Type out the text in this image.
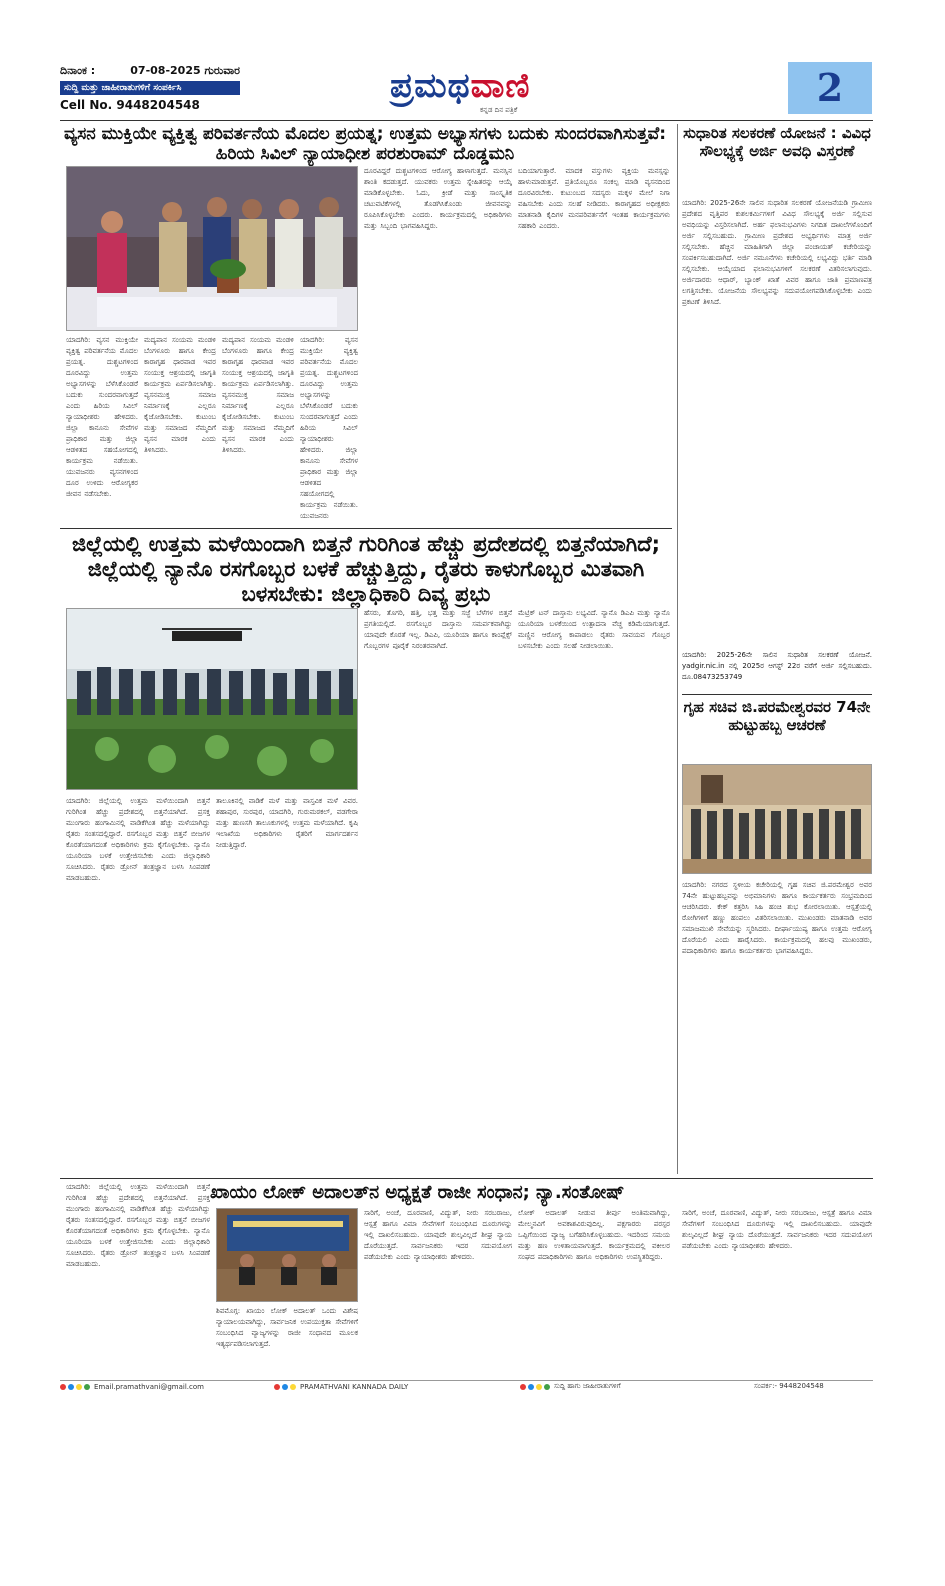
ದಿನಾಂಕ :	07-08-2025 ಗುರುವಾರ
ಸುದ್ದಿ ಮತ್ತು ಜಾಹೀರಾತುಗಳಿಗೆ ಸಂಪರ್ಕಿಸಿ
Cell No. 9448204548	ಪ್ರಮಥವಾಣಿ
ಕನ್ನಡ ದಿನ ಪತ್ರಿಕೆ	2
ವ್ಯಸನ ಮುಕ್ತಿಯೇ ವ್ಯಕ್ತಿತ್ವ ಪರಿವರ್ತನೆಯ ಮೊದಲ ಪ್ರಯತ್ನ; ಉತ್ತಮ ಅಭ್ಯಾಸಗಳು ಬದುಕು ಸುಂದರವಾಗಿಸುತ್ತವೆ: ಹಿರಿಯ ಸಿವಿಲ್ ನ್ಯಾಯಾಧೀಶ ಪರಶುರಾಮ್ ದೊಡ್ಡಮನಿ
ಯಾದಗಿರಿ: ವ್ಯಸನ ಮುಕ್ತಿಯೇ ವ್ಯಕ್ತಿತ್ವ ಪರಿವರ್ತನೆಯ ಮೊದಲ ಪ್ರಯತ್ನ. ದುಶ್ಚಟಗಳಿಂದ ದೂರವಿದ್ದು ಉತ್ತಮ ಅಭ್ಯಾಸಗಳನ್ನು ಬೆಳೆಸಿಕೊಂಡರೆ ಬದುಕು ಸುಂದರವಾಗುತ್ತದೆ ಎಂದು ಹಿರಿಯ ಸಿವಿಲ್ ನ್ಯಾಯಾಧೀಶರು ಹೇಳಿದರು. ಜಿಲ್ಲಾ ಕಾನೂನು ಸೇವೆಗಳ ಪ್ರಾಧಿಕಾರ ಮತ್ತು ಜಿಲ್ಲಾ ಆಡಳಿತದ ಸಹಯೋಗದಲ್ಲಿ ಕಾರ್ಯಕ್ರಮ ನಡೆಯಿತು. ಯುವಜನರು ವ್ಯಸನಗಳಿಂದ ದೂರ ಉಳಿದು ಆರೋಗ್ಯಕರ ಜೀವನ ನಡೆಸಬೇಕು.
ಮದ್ಯಪಾನ ಸಂಯಮ ಮಂಡಳಿ ಬೆಂಗಳೂರು ಹಾಗೂ ಕೇಂದ್ರ ಕಾರಾಗೃಹ ಧಾರವಾಡ ಇವರ ಸಂಯುಕ್ತ ಆಶ್ರಯದಲ್ಲಿ ಜಾಗೃತಿ ಕಾರ್ಯಕ್ರಮ ಏರ್ಪಡಿಸಲಾಗಿತ್ತು. ವ್ಯಸನಮುಕ್ತ ಸಮಾಜ ನಿರ್ಮಾಣಕ್ಕೆ ಎಲ್ಲರೂ ಕೈಜೋಡಿಸಬೇಕು. ಕುಟುಂಬ ಮತ್ತು ಸಮಾಜದ ನೆಮ್ಮದಿಗೆ ವ್ಯಸನ ಮಾರಕ ಎಂದು ತಿಳಿಸಿದರು.
ಮದ್ಯಪಾನ ಸಂಯಮ ಮಂಡಳಿ ಬೆಂಗಳೂರು ಹಾಗೂ ಕೇಂದ್ರ ಕಾರಾಗೃಹ ಧಾರವಾಡ ಇವರ ಸಂಯುಕ್ತ ಆಶ್ರಯದಲ್ಲಿ ಜಾಗೃತಿ ಕಾರ್ಯಕ್ರಮ ಏರ್ಪಡಿಸಲಾಗಿತ್ತು. ವ್ಯಸನಮುಕ್ತ ಸಮಾಜ ನಿರ್ಮಾಣಕ್ಕೆ ಎಲ್ಲರೂ ಕೈಜೋಡಿಸಬೇಕು. ಕುಟುಂಬ ಮತ್ತು ಸಮಾಜದ ನೆಮ್ಮದಿಗೆ ವ್ಯಸನ ಮಾರಕ ಎಂದು ತಿಳಿಸಿದರು.
ಯಾದಗಿರಿ: ವ್ಯಸನ ಮುಕ್ತಿಯೇ ವ್ಯಕ್ತಿತ್ವ ಪರಿವರ್ತನೆಯ ಮೊದಲ ಪ್ರಯತ್ನ. ದುಶ್ಚಟಗಳಿಂದ ದೂರವಿದ್ದು ಉತ್ತಮ ಅಭ್ಯಾಸಗಳನ್ನು ಬೆಳೆಸಿಕೊಂಡರೆ ಬದುಕು ಸುಂದರವಾಗುತ್ತದೆ ಎಂದು ಹಿರಿಯ ಸಿವಿಲ್ ನ್ಯಾಯಾಧೀಶರು ಹೇಳಿದರು. ಜಿಲ್ಲಾ ಕಾನೂನು ಸೇವೆಗಳ ಪ್ರಾಧಿಕಾರ ಮತ್ತು ಜಿಲ್ಲಾ ಆಡಳಿತದ ಸಹಯೋಗದಲ್ಲಿ ಕಾರ್ಯಕ್ರಮ ನಡೆಯಿತು. ಯುವಜನರು
ದೂರವಿದ್ದರೆ ದುಶ್ಚಟಗಳಿಂದ ಆರೋಗ್ಯ ಹಾಳಾಗುತ್ತದೆ. ಮನಸ್ಸಿನ ಶಾಂತಿ ಕದಡುತ್ತದೆ. ಯುವಕರು ಉತ್ತಮ ಸ್ನೇಹಿತರನ್ನು ಆಯ್ಕೆ ಮಾಡಿಕೊಳ್ಳಬೇಕು. ಓದು, ಕ್ರೀಡೆ ಮತ್ತು ಸಾಂಸ್ಕೃತಿಕ ಚಟುವಟಿಕೆಗಳಲ್ಲಿ ತೊಡಗಿಸಿಕೊಂಡು ಜೀವನವನ್ನು ರೂಪಿಸಿಕೊಳ್ಳಬೇಕು ಎಂದರು. ಕಾರ್ಯಕ್ರಮದಲ್ಲಿ ಅಧಿಕಾರಿಗಳು ಮತ್ತು ಸಿಬ್ಬಂದಿ ಭಾಗವಹಿಸಿದ್ದರು.
ಬದಿಯಾಗುತ್ತಾರೆ. ಮಾದಕ ವಸ್ತುಗಳು ವ್ಯಕ್ತಿಯ ಮನಸ್ಸನ್ನು ಹಾಳುಮಾಡುತ್ತವೆ. ಪ್ರತಿಯೊಬ್ಬರೂ ಸಂಕಲ್ಪ ಮಾಡಿ ವ್ಯಸನದಿಂದ ದೂರವಿರಬೇಕು. ಕುಟುಂಬದ ಸದಸ್ಯರು ಮಕ್ಕಳ ಮೇಲೆ ನಿಗಾ ವಹಿಸಬೇಕು ಎಂದು ಸಲಹೆ ನೀಡಿದರು. ಕಾರಾಗೃಹದ ಅಧೀಕ್ಷಕರು ಮಾತನಾಡಿ ಕೈದಿಗಳ ಮನಪರಿವರ್ತನೆಗೆ ಇಂತಹ ಕಾರ್ಯಕ್ರಮಗಳು ಸಹಕಾರಿ ಎಂದರು.
ಸುಧಾರಿತ ಸಲಕರಣೆ ಯೋಜನೆ : ವಿವಿಧ ಸೌಲಭ್ಯಕ್ಕೆ ಅರ್ಜಿ ಅವಧಿ ವಿಸ್ತರಣೆ
ಯಾದಗಿರಿ: 2025-26ನೇ ಸಾಲಿನ ಸುಧಾರಿತ ಸಲಕರಣೆ ಯೋಜನೆಯಡಿ ಗ್ರಾಮೀಣ ಪ್ರದೇಶದ ವೃತ್ತಿಪರ ಕುಶಲಕರ್ಮಿಗಳಿಗೆ ವಿವಿಧ ಸೌಲಭ್ಯಕ್ಕೆ ಅರ್ಜಿ ಸಲ್ಲಿಸುವ ಅವಧಿಯನ್ನು ವಿಸ್ತರಿಸಲಾಗಿದೆ. ಅರ್ಹ ಫಲಾನುಭವಿಗಳು ನಿಗದಿತ ದಾಖಲೆಗಳೊಂದಿಗೆ ಅರ್ಜಿ ಸಲ್ಲಿಸಬಹುದು. ಗ್ರಾಮೀಣ ಪ್ರದೇಶದ ಅಭ್ಯರ್ಥಿಗಳು ಮಾತ್ರ ಅರ್ಜಿ ಸಲ್ಲಿಸಬೇಕು. ಹೆಚ್ಚಿನ ಮಾಹಿತಿಗಾಗಿ ಜಿಲ್ಲಾ ಪಂಚಾಯತ್ ಕಚೇರಿಯನ್ನು ಸಂಪರ್ಕಿಸಬಹುದಾಗಿದೆ. ಅರ್ಜಿ ನಮೂನೆಗಳು ಕಚೇರಿಯಲ್ಲಿ ಲಭ್ಯವಿದ್ದು ಭರ್ತಿ ಮಾಡಿ ಸಲ್ಲಿಸಬೇಕು. ಆಯ್ಕೆಯಾದ ಫಲಾನುಭವಿಗಳಿಗೆ ಸಲಕರಣೆ ವಿತರಿಸಲಾಗುವುದು. ಅರ್ಜಿದಾರರು ಆಧಾರ್, ಬ್ಯಾಂಕ್ ಖಾತೆ ವಿವರ ಹಾಗೂ ಜಾತಿ ಪ್ರಮಾಣಪತ್ರ ಲಗತ್ತಿಸಬೇಕು. ಯೋಜನೆಯ ಸೌಲಭ್ಯವನ್ನು ಸದುಪಯೋಗಪಡಿಸಿಕೊಳ್ಳಬೇಕು ಎಂದು ಪ್ರಕಟಣೆ ತಿಳಿಸಿದೆ.
ಯಾದಗಿರಿ: 2025-26ನೇ ಸಾಲಿನ ಸುಧಾರಿತ ಸಲಕರಣೆ ಯೋಜನೆ. yadgir.nic.in ನಲ್ಲಿ 2025ರ ಆಗಸ್ಟ್ 22ರ ವರೆಗೆ ಅರ್ಜಿ ಸಲ್ಲಿಸಬಹುದು. ದೂ.08473253749
ಜಿಲ್ಲೆಯಲ್ಲಿ ಉತ್ತಮ ಮಳೆಯಿಂದಾಗಿ ಬಿತ್ತನೆ ಗುರಿಗಿಂತ ಹೆಚ್ಚು ಪ್ರದೇಶದಲ್ಲಿ ಬಿತ್ತನೆಯಾಗಿದೆ; ಜಿಲ್ಲೆಯಲ್ಲಿ ನ್ಯಾನೊ ರಸಗೊಬ್ಬರ ಬಳಕೆ ಹೆಚ್ಚುತ್ತಿದ್ದು, ರೈತರು ಕಾಳುಗೊಬ್ಬರ ಮಿತವಾಗಿ ಬಳಸಬೇಕು: ಜಿಲ್ಲಾಧಿಕಾರಿ ದಿವ್ಯ ಪ್ರಭು
ಯಾದಗಿರಿ: ಜಿಲ್ಲೆಯಲ್ಲಿ ಉತ್ತಮ ಮಳೆಯಿಂದಾಗಿ ಬಿತ್ತನೆ ಗುರಿಗಿಂತ ಹೆಚ್ಚು ಪ್ರದೇಶದಲ್ಲಿ ಬಿತ್ತನೆಯಾಗಿದೆ. ಪ್ರಸಕ್ತ ಮುಂಗಾರು ಹಂಗಾಮಿನಲ್ಲಿ ವಾಡಿಕೆಗಿಂತ ಹೆಚ್ಚು ಮಳೆಯಾಗಿದ್ದು ರೈತರು ಸಂತಸದಲ್ಲಿದ್ದಾರೆ. ರಸಗೊಬ್ಬರ ಮತ್ತು ಬಿತ್ತನೆ ಬೀಜಗಳ ಕೊರತೆಯಾಗದಂತೆ ಅಧಿಕಾರಿಗಳು ಕ್ರಮ ಕೈಗೊಳ್ಳಬೇಕು. ನ್ಯಾನೊ ಯೂರಿಯಾ ಬಳಕೆ ಉತ್ತೇಜಿಸಬೇಕು ಎಂದು ಜಿಲ್ಲಾಧಿಕಾರಿ ಸೂಚಿಸಿದರು. ರೈತರು ಡ್ರೋನ್ ತಂತ್ರಜ್ಞಾನ ಬಳಸಿ ಸಿಂಪಡಣೆ ಮಾಡಬಹುದು.
ತಾಲೂಕಿನಲ್ಲಿ ವಾಡಿಕೆ ಮಳೆ ಮತ್ತು ವಾಸ್ತವಿಕ ಮಳೆ ವಿವರ. ಶಹಾಪುರ, ಸುರಪುರ, ಯಾದಗಿರಿ, ಗುರುಮಠಕಲ್, ವಡಗೇರಾ ಮತ್ತು ಹುಣಸಗಿ ತಾಲೂಕುಗಳಲ್ಲಿ ಉತ್ತಮ ಮಳೆಯಾಗಿದೆ. ಕೃಷಿ ಇಲಾಖೆಯ ಅಧಿಕಾರಿಗಳು ರೈತರಿಗೆ ಮಾರ್ಗದರ್ಶನ ನೀಡುತ್ತಿದ್ದಾರೆ.
ಹೆಸರು, ತೊಗರಿ, ಹತ್ತಿ, ಭತ್ತ ಮತ್ತು ಸಜ್ಜೆ ಬೆಳೆಗಳ ಬಿತ್ತನೆ ಪ್ರಗತಿಯಲ್ಲಿದೆ. ರಸಗೊಬ್ಬರ ದಾಸ್ತಾನು ಸಮರ್ಪಕವಾಗಿದ್ದು ಯಾವುದೇ ಕೊರತೆ ಇಲ್ಲ. ಡಿಎಪಿ, ಯೂರಿಯಾ ಹಾಗೂ ಕಾಂಪ್ಲೆಕ್ಸ್ ಗೊಬ್ಬರಗಳ ಪೂರೈಕೆ ನಿರಂತರವಾಗಿದೆ.
ಮೆಟ್ರಿಕ್ ಟನ್ ದಾಸ್ತಾನು ಲಭ್ಯವಿದೆ. ನ್ಯಾನೊ ಡಿಎಪಿ ಮತ್ತು ನ್ಯಾನೊ ಯೂರಿಯಾ ಬಳಕೆಯಿಂದ ಉತ್ಪಾದನಾ ವೆಚ್ಚ ಕಡಿಮೆಯಾಗುತ್ತದೆ. ಮಣ್ಣಿನ ಆರೋಗ್ಯ ಕಾಪಾಡಲು ರೈತರು ಸಾವಯವ ಗೊಬ್ಬರ ಬಳಸಬೇಕು ಎಂದು ಸಲಹೆ ನೀಡಲಾಯಿತು.
ಗೃಹ ಸಚಿವ ಜಿ.ಪರಮೇಶ್ವರವರ 74ನೇ ಹುಟ್ಟುಹಬ್ಬ ಆಚರಣೆ
ಯಾದಗಿರಿ: ನಗರದ ಸ್ಥಳೀಯ ಕಚೇರಿಯಲ್ಲಿ ಗೃಹ ಸಚಿವ ಜಿ.ಪರಮೇಶ್ವರ ಅವರ 74ನೇ ಹುಟ್ಟುಹಬ್ಬವನ್ನು ಅಭಿಮಾನಿಗಳು ಹಾಗೂ ಕಾರ್ಯಕರ್ತರು ಸಂಭ್ರಮದಿಂದ ಆಚರಿಸಿದರು. ಕೇಕ್ ಕತ್ತರಿಸಿ ಸಿಹಿ ಹಂಚಿ ಶುಭ ಕೋರಲಾಯಿತು. ಆಸ್ಪತ್ರೆಯಲ್ಲಿ ರೋಗಿಗಳಿಗೆ ಹಣ್ಣು ಹಂಪಲು ವಿತರಿಸಲಾಯಿತು. ಮುಖಂಡರು ಮಾತನಾಡಿ ಅವರ ಸಮಾಜಮುಖಿ ಸೇವೆಯನ್ನು ಸ್ಮರಿಸಿದರು. ದೀರ್ಘಾಯುಷ್ಯ ಹಾಗೂ ಉತ್ತಮ ಆರೋಗ್ಯ ದೊರೆಯಲಿ ಎಂದು ಹಾರೈಸಿದರು. ಕಾರ್ಯಕ್ರಮದಲ್ಲಿ ಹಲವು ಮುಖಂಡರು, ಪದಾಧಿಕಾರಿಗಳು ಹಾಗೂ ಕಾರ್ಯಕರ್ತರು ಭಾಗವಹಿಸಿದ್ದರು.
ಖಾಯಂ ಲೋಕ್ ಅದಾಲತ್‌ನ ಅಧ್ಯಕ್ಷತೆ ರಾಜೀ ಸಂಧಾನ; ನ್ಯಾ.ಸಂತೋಷ್
ಯಾದಗಿರಿ: ಜಿಲ್ಲೆಯಲ್ಲಿ ಉತ್ತಮ ಮಳೆಯಿಂದಾಗಿ ಬಿತ್ತನೆ ಗುರಿಗಿಂತ ಹೆಚ್ಚು ಪ್ರದೇಶದಲ್ಲಿ ಬಿತ್ತನೆಯಾಗಿದೆ. ಪ್ರಸಕ್ತ ಮುಂಗಾರು ಹಂಗಾಮಿನಲ್ಲಿ ವಾಡಿಕೆಗಿಂತ ಹೆಚ್ಚು ಮಳೆಯಾಗಿದ್ದು ರೈತರು ಸಂತಸದಲ್ಲಿದ್ದಾರೆ. ರಸಗೊಬ್ಬರ ಮತ್ತು ಬಿತ್ತನೆ ಬೀಜಗಳ ಕೊರತೆಯಾಗದಂತೆ ಅಧಿಕಾರಿಗಳು ಕ್ರಮ ಕೈಗೊಳ್ಳಬೇಕು. ನ್ಯಾನೊ ಯೂರಿಯಾ ಬಳಕೆ ಉತ್ತೇಜಿಸಬೇಕು ಎಂದು ಜಿಲ್ಲಾಧಿಕಾರಿ ಸೂಚಿಸಿದರು. ರೈತರು ಡ್ರೋನ್ ತಂತ್ರಜ್ಞಾನ ಬಳಸಿ ಸಿಂಪಡಣೆ ಮಾಡಬಹುದು.
ಶಿವಮೊಗ್ಗ: ಖಾಯಂ ಲೋಕ್ ಅದಾಲತ್ ಒಂದು ವಿಶೇಷ ನ್ಯಾಯಾಲಯವಾಗಿದ್ದು, ಸಾರ್ವಜನಿಕ ಉಪಯುಕ್ತತಾ ಸೇವೆಗಳಿಗೆ ಸಂಬಂಧಿಸಿದ ವ್ಯಾಜ್ಯಗಳನ್ನು ರಾಜೀ ಸಂಧಾನದ ಮೂಲಕ ಇತ್ಯರ್ಥಪಡಿಸಲಾಗುತ್ತದೆ.
ಸಾರಿಗೆ, ಅಂಚೆ, ದೂರವಾಣಿ, ವಿದ್ಯುತ್, ನೀರು ಸರಬರಾಜು, ಆಸ್ಪತ್ರೆ ಹಾಗೂ ವಿಮಾ ಸೇವೆಗಳಿಗೆ ಸಂಬಂಧಿಸಿದ ದೂರುಗಳನ್ನು ಇಲ್ಲಿ ದಾಖಲಿಸಬಹುದು. ಯಾವುದೇ ಶುಲ್ಕವಿಲ್ಲದೆ ಶೀಘ್ರ ನ್ಯಾಯ ದೊರೆಯುತ್ತದೆ. ಸಾರ್ವಜನಿಕರು ಇದರ ಸದುಪಯೋಗ ಪಡೆಯಬೇಕು ಎಂದು ನ್ಯಾಯಾಧೀಶರು ಹೇಳಿದರು.
ಲೋಕ್ ಅದಾಲತ್ ನೀಡುವ ತೀರ್ಪು ಅಂತಿಮವಾಗಿದ್ದು, ಮೇಲ್ಮನವಿಗೆ ಅವಕಾಶವಿರುವುದಿಲ್ಲ. ಪಕ್ಷಗಾರರು ಪರಸ್ಪರ ಒಪ್ಪಿಗೆಯಿಂದ ವ್ಯಾಜ್ಯ ಬಗೆಹರಿಸಿಕೊಳ್ಳಬಹುದು. ಇದರಿಂದ ಸಮಯ ಮತ್ತು ಹಣ ಉಳಿತಾಯವಾಗುತ್ತದೆ. ಕಾರ್ಯಕ್ರಮದಲ್ಲಿ ವಕೀಲರ ಸಂಘದ ಪದಾಧಿಕಾರಿಗಳು ಹಾಗೂ ಅಧಿಕಾರಿಗಳು ಉಪಸ್ಥಿತರಿದ್ದರು.
ಸಾರಿಗೆ, ಅಂಚೆ, ದೂರವಾಣಿ, ವಿದ್ಯುತ್, ನೀರು ಸರಬರಾಜು, ಆಸ್ಪತ್ರೆ ಹಾಗೂ ವಿಮಾ ಸೇವೆಗಳಿಗೆ ಸಂಬಂಧಿಸಿದ ದೂರುಗಳನ್ನು ಇಲ್ಲಿ ದಾಖಲಿಸಬಹುದು. ಯಾವುದೇ ಶುಲ್ಕವಿಲ್ಲದೆ ಶೀಘ್ರ ನ್ಯಾಯ ದೊರೆಯುತ್ತದೆ. ಸಾರ್ವಜನಿಕರು ಇದರ ಸದುಪಯೋಗ ಪಡೆಯಬೇಕು ಎಂದು ನ್ಯಾಯಾಧೀಶರು ಹೇಳಿದರು.
Email.pramathvani@gmail.com	PRAMATHVANI KANNADA DAILY	ಸುದ್ದಿ ಹಾಗು ಜಾಹೀರಾತುಗಳಿಗೆ	ಸಂಪರ್ಕ:- 9448204548
